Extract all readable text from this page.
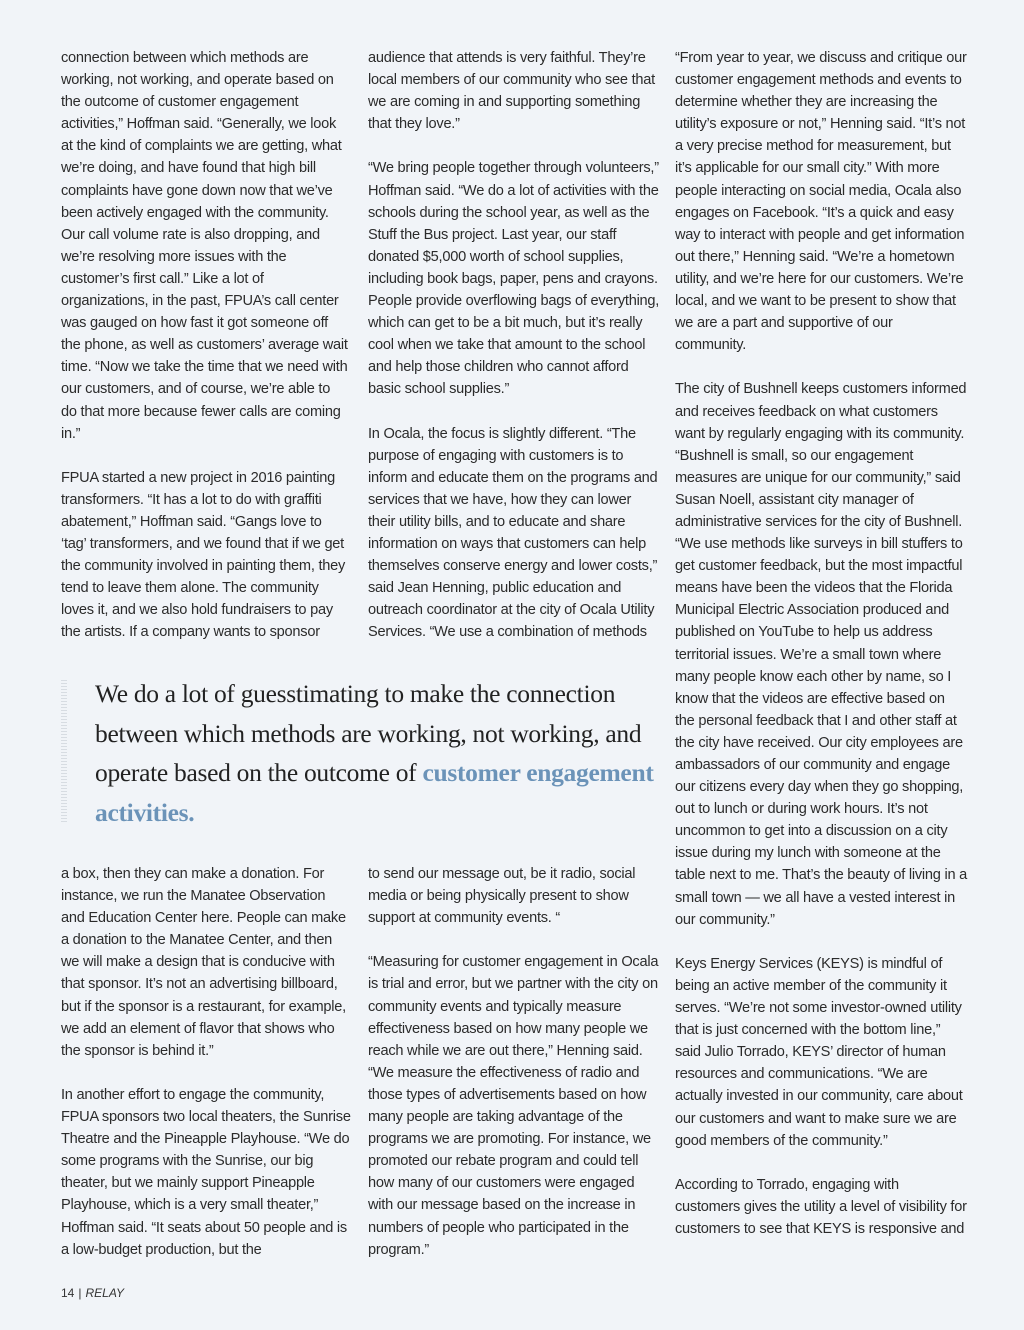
connection between which methods are working, not working, and operate based on the outcome of customer engagement activities,” Hoffman said. “Generally, we look at the kind of complaints we are getting, what we’re doing, and have found that high bill complaints have gone down now that we’ve been actively engaged with the community. Our call volume rate is also dropping, and we’re resolving more issues with the customer’s first call.” Like a lot of organizations, in the past, FPUA’s call center was gauged on how fast it got someone off the phone, as well as customers’ average wait time. “Now we take the time that we need with our customers, and of course, we’re able to do that more because fewer calls are coming in.”

FPUA started a new project in 2016 painting transformers. “It has a lot to do with graffiti abatement,” Hoffman said. “Gangs love to ‘tag’ transformers, and we found that if we get the community involved in painting them, they tend to leave them alone. The community loves it, and we also hold fundraisers to pay the artists. If a company wants to sponsor

audience that attends is very faithful. They’re local members of our community who see that we are coming in and supporting something that they love.”

“We bring people together through volunteers,” Hoffman said. “We do a lot of activities with the schools during the school year, as well as the Stuff the Bus project. Last year, our staff donated $5,000 worth of school supplies, including book bags, paper, pens and crayons. People provide overflowing bags of everything, which can get to be a bit much, but it’s really cool when we take that amount to the school and help those children who cannot afford basic school supplies.”

In Ocala, the focus is slightly different. “The purpose of engaging with customers is to inform and educate them on the programs and services that we have, how they can lower their utility bills, and to educate and share information on ways that customers can help themselves conserve energy and lower costs,” said Jean Henning, public education and outreach coordinator at the city of Ocala Utility Services. “We use a combination of methods

“From year to year, we discuss and critique our customer engagement methods and events to determine whether they are increasing the utility’s exposure or not,” Henning said. “It’s not a very precise method for measurement, but it’s applicable for our small city.” With more people interacting on social media, Ocala also engages on Facebook. “It’s a quick and easy way to interact with people and get information out there,” Henning said. “We’re a hometown utility, and we’re here for our customers. We’re local, and we want to be present to show that we are a part and supportive of our community.

The city of Bushnell keeps customers informed and receives feedback on what customers want by regularly engaging with its community. “Bushnell is small, so our engagement measures are unique for our community,” said Susan Noell, assistant city manager of administrative services for the city of Bushnell. “We use methods like surveys in bill stuffers to get customer feedback, but the most impactful means have been the videos that the Florida Municipal Electric Association produced and published on YouTube to help us address territorial issues. We’re a small town where many people know each other by name, so I know that the videos are effective based on the personal feedback that I and other staff at the city have received. Our city employees are ambassadors of our community and engage our citizens every day when they go shopping, out to lunch or during work hours. It’s not uncommon to get into a discussion on a city issue during my lunch with someone at the table next to me. That’s the beauty of living in a small town — we all have a vested interest in our community.”

Keys Energy Services (KEYS) is mindful of being an active member of the community it serves. “We’re not some investor-owned utility that is just concerned with the bottom line,” said Julio Torrado, KEYS’ director of human resources and communications. “We are actually invested in our community, care about our customers and want to make sure we are good members of the community.”

According to Torrado, engaging with customers gives the utility a level of visibility for customers to see that KEYS is responsive and

We do a lot of guesstimating to make the connection between which methods are working, not working, and operate based on the outcome of customer engagement activities.

a box, then they can make a donation. For instance, we run the Manatee Observation and Education Center here. People can make a donation to the Manatee Center, and then we will make a design that is conducive with that sponsor. It’s not an advertising billboard, but if the sponsor is a restaurant, for example, we add an element of flavor that shows who the sponsor is behind it.”

In another effort to engage the community, FPUA sponsors two local theaters, the Sunrise Theatre and the Pineapple Playhouse. “We do some programs with the Sunrise, our big theater, but we mainly support Pineapple Playhouse, which is a very small theater,” Hoffman said. “It seats about 50 people and is a low-budget production, but the

to send our message out, be it radio, social media or being physically present to show support at community events. “

“Measuring for customer engagement in Ocala is trial and error, but we partner with the city on community events and typically measure effectiveness based on how many people we reach while we are out there,” Henning said. “We measure the effectiveness of radio and those types of advertisements based on how many people are taking advantage of the programs we are promoting. For instance, we promoted our rebate program and could tell how many of our customers were engaged with our message based on the increase in numbers of people who participated in the program.”

14 | RELAY
